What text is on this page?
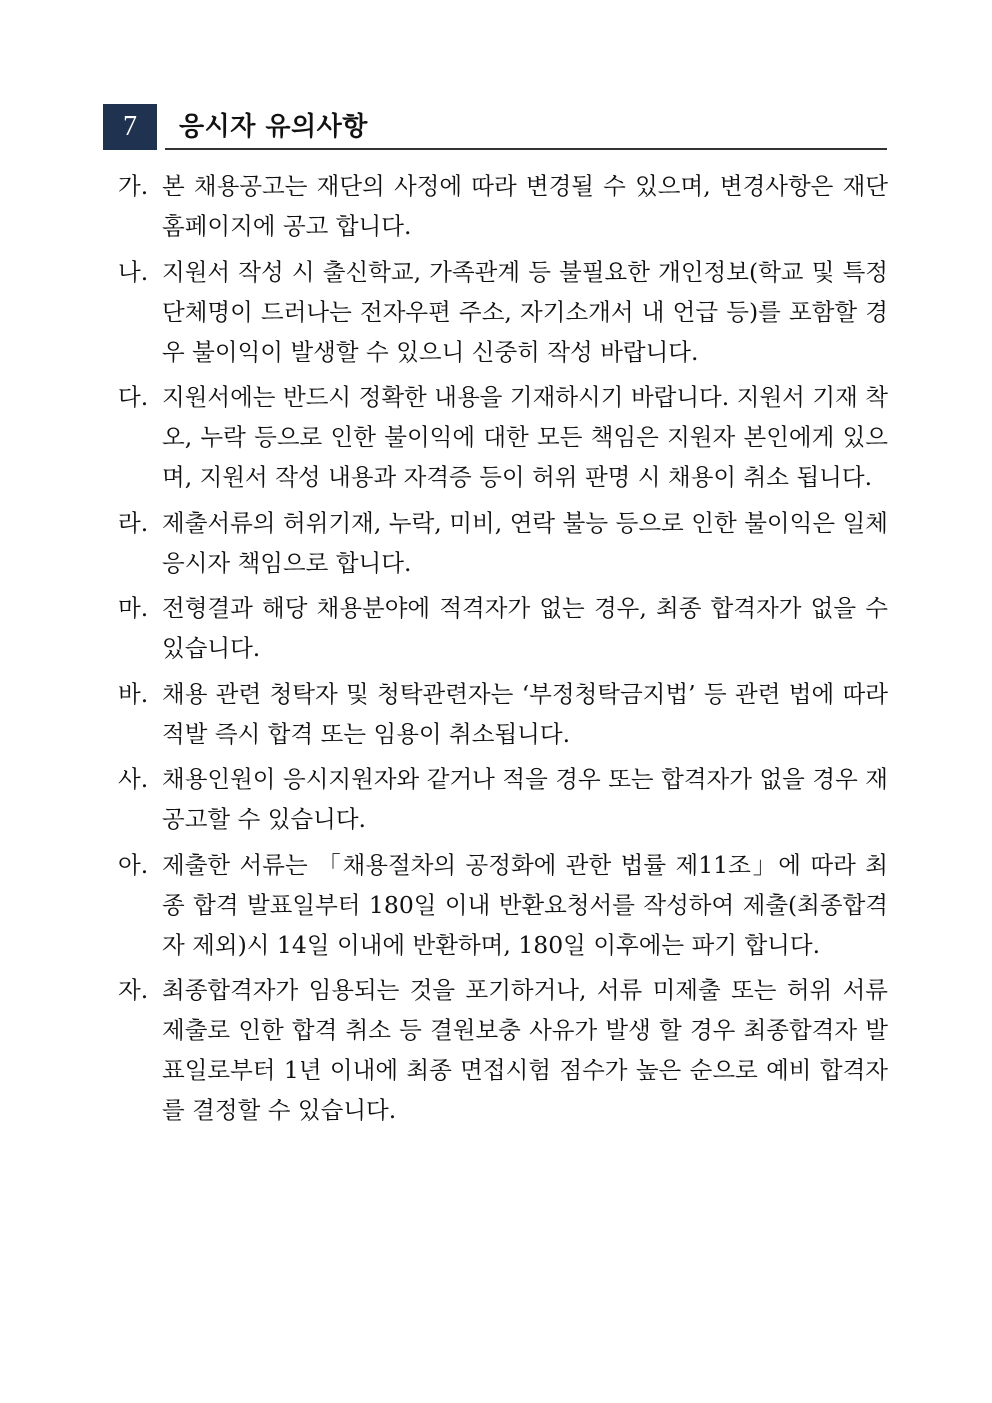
7	응시자 유의사항
가. 본 채용공고는 재단의 사정에 따라 변경될 수 있으며, 변경사항은 재단 홈페이지에 공고 합니다.
나. 지원서 작성 시 출신학교, 가족관계 등 불필요한 개인정보(학교 및 특정 단체명이 드러나는 전자우편 주소, 자기소개서 내 언급 등)를 포함할 경우 불이익이 발생할 수 있으니 신중히 작성 바랍니다.
다. 지원서에는 반드시 정확한 내용을 기재하시기 바랍니다. 지원서 기재 착오, 누락 등으로 인한 불이익에 대한 모든 책임은 지원자 본인에게 있으며, 지원서 작성 내용과 자격증 등이 허위 판명 시 채용이 취소 됩니다.
라. 제출서류의 허위기재, 누락, 미비, 연락 불능 등으로 인한 불이익은 일체 응시자 책임으로 합니다.
마. 전형결과 해당 채용분야에 적격자가 없는 경우, 최종 합격자가 없을 수 있습니다.
바. 채용 관련 청탁자 및 청탁관련자는 ‘부정청탁금지법’ 등 관련 법에 따라 적발 즉시 합격 또는 임용이 취소됩니다.
사. 채용인원이 응시지원자와 같거나 적을 경우 또는 합격자가 없을 경우 재공고할 수 있습니다.
아. 제출한 서류는 「채용절차의 공정화에 관한 법률 제11조」에 따라 최종 합격 발표일부터 180일 이내 반환요청서를 작성하여 제출(최종합격자 제외)시 14일 이내에 반환하며, 180일 이후에는 파기 합니다.
자. 최종합격자가 임용되는 것을 포기하거나, 서류 미제출 또는 허위 서류 제출로 인한 합격 취소 등 결원보충 사유가 발생 할 경우 최종합격자 발표일로부터 1년 이내에 최종 면접시험 점수가 높은 순으로 예비 합격자를 결정할 수 있습니다.
